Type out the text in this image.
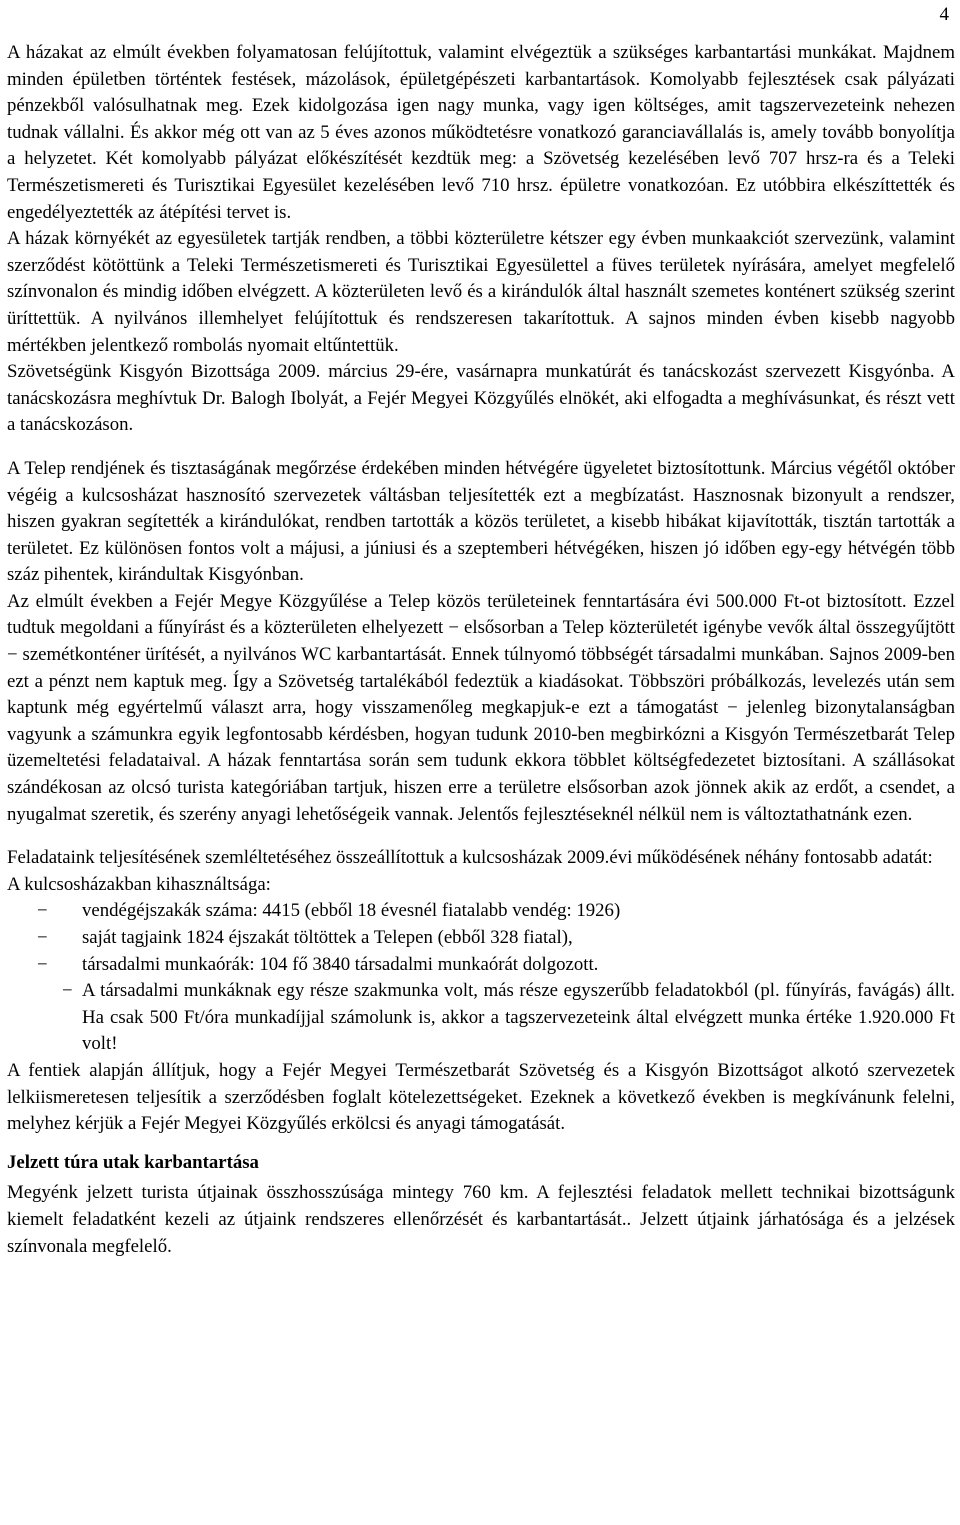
4

A házakat az elmúlt években folyamatosan felújítottuk, valamint elvégeztük a szükséges karbantartási munkákat. Majdnem minden épületben történtek festések, mázolások, épületgépészeti karbantartások. Komolyabb fejlesztések csak pályázati pénzekből valósulhatnak meg. Ezek kidolgozása igen nagy munka, vagy igen költséges, amit tagszervezeteink nehezen tudnak vállalni. És akkor még ott van az 5 éves azonos működtetésre vonatkozó garanciavállalás is, amely tovább bonyolítja a helyzetet. Két komolyabb pályázat előkészítését kezdtük meg: a Szövetség kezelésében levő 707 hrsz-ra és a Teleki Természetismereti és Turisztikai Egyesület kezelésében levő 710 hrsz. épületre vonatkozóan. Ez utóbbira elkészíttették és engedélyeztették az átépítési tervet is.

A házak környékét az egyesületek tartják rendben, a többi közterületre kétszer egy évben munkaakciót szervezünk, valamint szerződést kötöttünk a Teleki Természetismereti és Turisztikai Egyesülettel a füves területek nyírására, amelyet megfelelő színvonalon és mindig időben elvégzett. A közterületen levő és a kirándulók által használt szemetes konténert szükség szerint üríttettük. A nyilvános illemhelyet felújítottuk és rendszeresen takarítottuk. A sajnos minden évben kisebb nagyobb mértékben jelentkező rombolás nyomait eltűntettük.

Szövetségünk Kisgyón Bizottsága 2009. március 29-ére, vasárnapra munkatúrát és tanácskozást szervezett Kisgyónba. A tanácskozásra meghívtuk Dr. Balogh Ibolyát, a Fejér Megyei Közgyűlés elnökét, aki elfogadta a meghívásunkat, és részt vett a tanácskozáson.

A Telep rendjének és tisztaságának megőrzése érdekében minden hétvégére ügyeletet biztosítottunk. Március végétől október végéig a kulcsosházat hasznosító szervezetek váltásban teljesítették ezt a megbízatást. Hasznosnak bizonyult a rendszer, hiszen gyakran segítették a kirándulókat, rendben tartották a közös területet, a kisebb hibákat kijavították, tisztán tartották a területet. Ez különösen fontos volt a májusi, a júniusi és a szeptemberi hétvégéken, hiszen jó időben egy-egy hétvégén több száz pihentek, kirándultak Kisgyónban.

Az elmúlt években a Fejér Megye Közgyűlése a Telep közös területeinek fenntartására évi 500.000 Ft-ot biztosított. Ezzel tudtuk megoldani a fűnyírást és a közterületen elhelyezett − elsősorban a Telep közterületét igénybe vevők által összegyűjtött − szemétkonténer ürítését, a nyilvános WC karbantartását. Ennek túlnyomó többségét társadalmi munkában. Sajnos 2009-ben ezt a pénzt nem kaptuk meg. Így a Szövetség tartalékából fedeztük a kiadásokat. Többszöri próbálkozás, levelezés után sem kaptunk még egyértelmű választ arra, hogy visszamenőleg megkapjuk-e ezt a támogatást − jelenleg bizonytalanságban vagyunk a számunkra egyik legfontosabb kérdésben, hogyan tudunk 2010-ben megbirkózni a Kisgyón Természetbarát Telep üzemeltetési feladataival. A házak fenntartása során sem tudunk ekkora többlet költségfedezetet biztosítani. A szállásokat szándékosan az olcsó turista kategóriában tartjuk, hiszen erre a területre elsősorban azok jönnek akik az erdőt, a csendet, a nyugalmat szeretik, és szerény anyagi lehetőségeik vannak. Jelentős fejlesztéseknél nélkül nem is változtathatnánk ezen.

Feladataink teljesítésének szemléltetéséhez összeállítottuk a kulcsosházak 2009.évi működésének néhány fontosabb adatát:

A kulcsosházakban kihasználtsága:

− vendégéjszakák száma: 4415 (ebből 18 évesnél fiatalabb vendég: 1926)
− saját tagjaink 1824 éjszakát töltöttek a Telepen (ebből 328 fiatal),
− társadalmi munkaórák: 104 fő 3840 társadalmi munkaórát dolgozott.
− A társadalmi munkáknak egy része szakmunka volt, más része egyszerűbb feladatokból (pl. fűnyírás, favágás) állt. Ha csak 500 Ft/óra munkadíjjal számolunk is, akkor a tagszervezeteink által elvégzett munka értéke 1.920.000 Ft volt!

A fentiek alapján állítjuk, hogy a Fejér Megyei Természetbarát Szövetség és a Kisgyón Bizottságot alkotó szervezetek lelkiismeretesen teljesítik a szerződésben foglalt kötelezettségeket. Ezeknek a következő években is megkívánunk felelni, melyhez kérjük a Fejér Megyei Közgyűlés erkölcsi és anyagi támogatását.

Jelzett túra utak karbantartása

Megyénk jelzett turista útjainak összhosszúsága mintegy 760 km. A fejlesztési feladatok mellett technikai bizottságunk kiemelt feladatként kezeli az útjaink rendszeres ellenőrzését és karbantartását.. Jelzett útjaink járhatósága és a jelzések színvonala megfelelő.
